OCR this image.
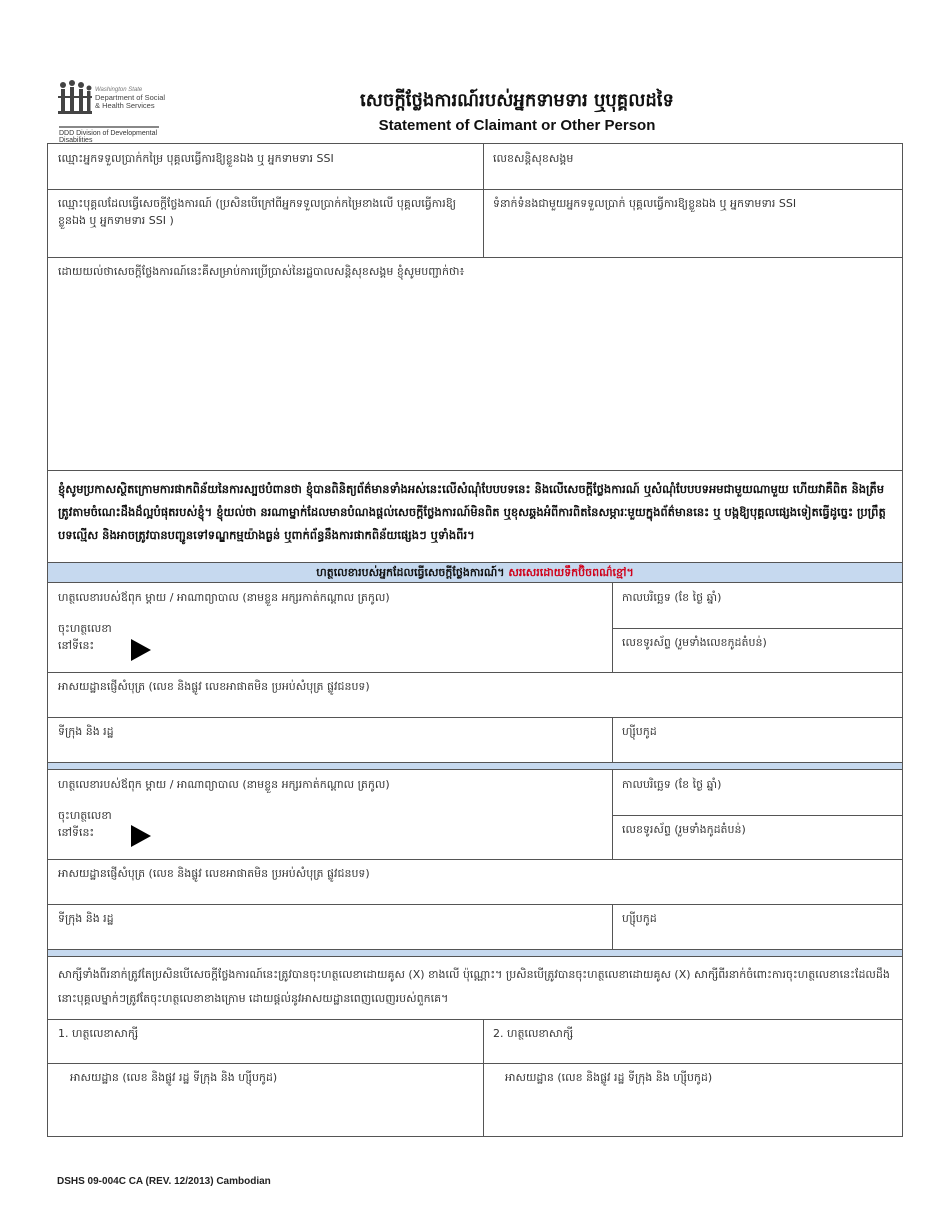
Washington State
Department of Social
& Health Services
DDD Division of Developmental
Disabilities
សេចក្តីថ្លែងការណ៍របស់អ្នកទាមទារ ឬបុគ្គលដទៃ
Statement of Claimant or Other Person
ឈ្មោះអ្នកទទួលប្រាក់កម្រៃ បុគ្គលធ្វើការឱ្យខ្លួនឯង ឬ អ្នកទាមទារ SSI	លេខសន្តិសុខសង្គម
ឈ្មោះបុគ្គលដែលធ្វើសេចក្តីថ្លែងការណ៍ (ប្រសិនបើក្រៅពីអ្នកទទួលប្រាក់កម្រៃខាងលើ បុគ្គលធ្វើការឱ្យខ្លួនឯង ឬ អ្នកទាមទារ SSI )
ទំនាក់ទំនងជាមួយអ្នកទទួលប្រាក់ បុគ្គលធ្វើការឱ្យខ្លួនឯង ឬ អ្នកទាមទារ SSI
ដោយយល់ថាសេចក្តីថ្លែងការណ៍នេះគឺសម្រាប់ការប្រើប្រាស់នៃរដ្ឋបាលសន្តិសុខសង្គម ខ្ញុំសូមបញ្ជាក់ថា៖
ខ្ញុំសូមប្រកាសស្ថិតក្រោមការផាកពិន័យនៃការស្បថបំពានថា ខ្ញុំបានពិនិត្យព័ត៌មានទាំងអស់នេះលើសំណុំបែបបទនេះ និងលើសេចក្តីថ្លែងការណ៍ ឬសំណុំបែបបទអមជាមួយណាមួយ ហើយវាគឺពិត និងត្រឹមត្រូវតាមចំណេះដឹងដ៏ល្អបំផុតរបស់ខ្ញុំ។ ខ្ញុំយល់ថា នរណាម្នាក់ដែលមានបំណងផ្តល់សេចក្តីថ្លែងការណ៍មិនពិត ឬខុសឆ្គងអំពីការពិតនៃសម្ភារៈមួយក្នុងព័ត៌មាននេះ ឬ បង្កឱ្យបុគ្គលផ្សេងទៀតធ្វើដូច្នេះ ប្រព្រឹត្តបទល្មើស និងអាចត្រូវបានបញ្ជូនទៅទណ្ឌកម្មយ៉ាងធ្ងន់ ឬពាក់ព័ន្ធនឹងការផាកពិន័យផ្សេងៗ ឬទាំងពីរ។
ហត្ថលេខារបស់អ្នកដែលធ្វើសេចក្តីថ្លែងការណ៍។ សរសេរដោយទឹកប៊ិចពណ៌ខ្មៅ។
ហត្ថលេខារបស់ឪពុក ម្តាយ / អាណាព្យាបាល (នាមខ្លួន អក្សរកាត់កណ្តាល ត្រកូល)
ចុះហត្ថលេខា
នៅទីនេះ
កាលបរិច្ឆេទ (ខែ ថ្ងៃ ឆ្នាំ)
លេខទូរស័ព្ទ (រួមទាំងលេខកូដតំបន់)
អាសយដ្ឋានផ្ញើសំបុត្រ (លេខ និងផ្លូវ លេខអាផាតមិន ប្រអប់សំបុត្រ ផ្លូវជនបទ)
ទីក្រុង និង រដ្ឋ	ហ្ស៊ីបកូដ
ហត្ថលេខារបស់ឪពុក ម្តាយ / អាណាព្យាបាល (នាមខ្លួន អក្សរកាត់កណ្តាល ត្រកូល)
ចុះហត្ថលេខា
នៅទីនេះ
កាលបរិច្ឆេទ (ខែ ថ្ងៃ ឆ្នាំ)
លេខទូរស័ព្ទ (រួមទាំងកូដតំបន់)
អាសយដ្ឋានផ្ញើសំបុត្រ (លេខ និងផ្លូវ លេខអាផាតមិន ប្រអប់សំបុត្រ ផ្លូវជនបទ)
ទីក្រុង និង រដ្ឋ	ហ្ស៊ីបកូដ
សាក្សីទាំងពីរនាក់ត្រូវតែប្រសិនបើសេចក្តីថ្លែងការណ៍នេះត្រូវបានចុះហត្ថលេខាដោយគូស (X) ខាងលើ ប៉ុណ្ណោះ។ ប្រសិនបើត្រូវបានចុះហត្ថលេខាដោយគូស (X) សាក្សីពីរនាក់ចំពោះការចុះហត្ថលេខានេះដែលដឹង នោះបុគ្គលម្នាក់ៗត្រូវតែចុះហត្ថលេខាខាងក្រោម ដោយផ្តល់នូវអាសយដ្ឋានពេញលេញរបស់ពួកគេ។
1. ហត្ថលេខាសាក្សី	2. ហត្ថលេខាសាក្សី
អាសយដ្ឋាន (លេខ និងផ្លូវ រដ្ឋ ទីក្រុង និង ហ្ស៊ីបកូដ)	អាសយដ្ឋាន (លេខ និងផ្លូវ រដ្ឋ ទីក្រុង និង ហ្ស៊ីបកូដ)
DSHS 09-004C CA (REV. 12/2013) Cambodian
